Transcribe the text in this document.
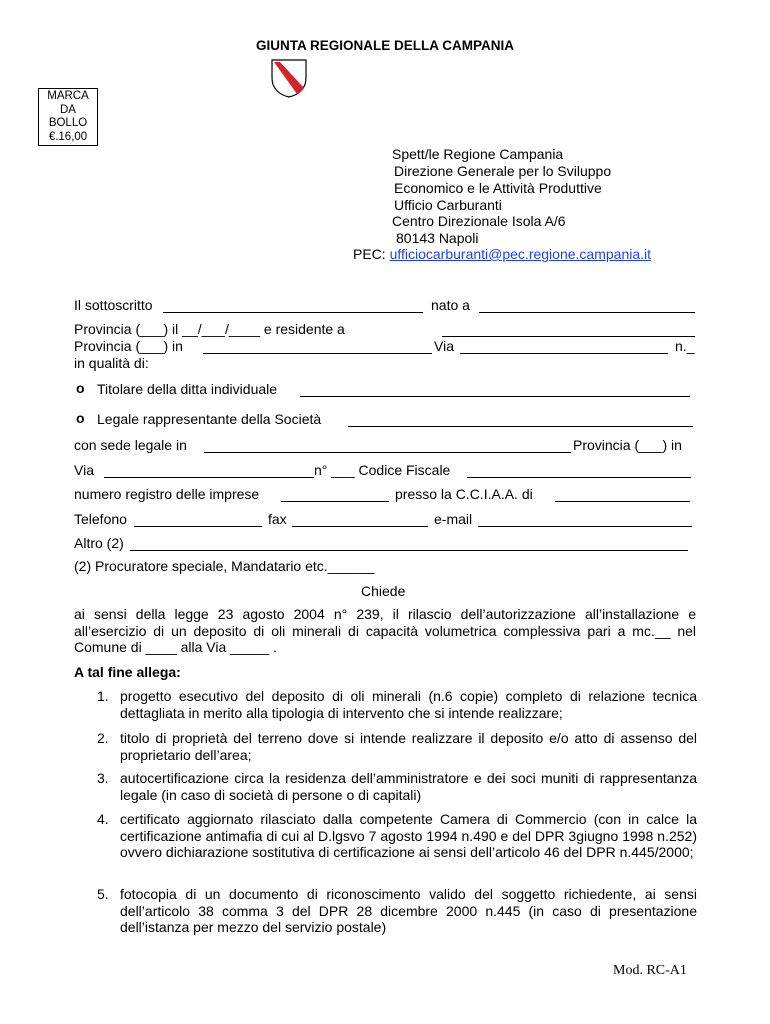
GIUNTA REGIONALE DELLA CAMPANIA
MARCA
DA
BOLLO
€.16,00
Spett/le Regione Campania
Direzione Generale per lo Sviluppo
Economico e le Attività Produttive
Ufficio Carburanti
Centro Direzionale Isola A/6
80143 Napoli
PEC: ufficiocarburanti@pec.regione.campania.it
Il sottoscritto	nato a
Provincia (___) il __/___/____ e residente a
Provincia (___) in	Via	n._
in qualità di:
o Titolare della ditta individuale
o Legale rappresentante della Società
con sede legale in	Provincia (___) in
Via	n° ___ Codice Fiscale
numero registro delle imprese	presso la C.C.I.A.A. di
Telefono	fax	e-mail
Altro (2)
(2) Procuratore speciale, Mandatario etc.______
Chiede
ai sensi della legge 23 agosto 2004 n° 239, il rilascio dell’autorizzazione all’installazione e all’esercizio di un deposito di oli minerali di capacità volumetrica complessiva pari a mc.__ nel Comune di ____ alla Via _____ .
A tal fine allega:
1. progetto esecutivo del deposito di oli minerali (n.6 copie) completo di relazione tecnica dettagliata in merito alla tipologia di intervento che si intende realizzare;
2. titolo di proprietà del terreno dove si intende realizzare il deposito e/o atto di assenso del proprietario dell’area;
3. autocertificazione circa la residenza dell’amministratore e dei soci muniti di rappresentanza legale (in caso di società di persone o di capitali)
4. certificato aggiornato rilasciato dalla competente Camera di Commercio (con in calce la certificazione antimafia di cui al D.lgsvo 7 agosto 1994 n.490 e del DPR 3giugno 1998 n.252) ovvero dichiarazione sostitutiva di certificazione ai sensi dell’articolo 46 del DPR n.445/2000;
5. fotocopia di un documento di riconoscimento valido del soggetto richiedente, ai sensi dell’articolo 38 comma 3 del DPR 28 dicembre 2000 n.445 (in caso di presentazione dell’istanza per mezzo del servizio postale)
Mod. RC-A1
